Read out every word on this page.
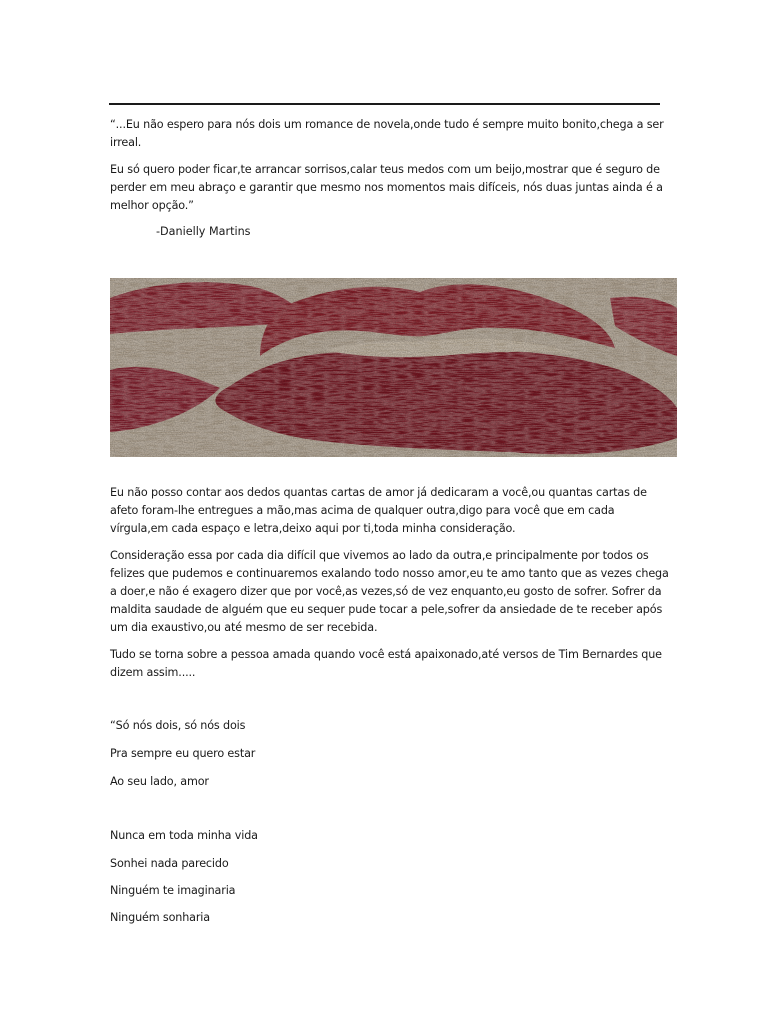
“...Eu não espero para nós dois um romance de novela,onde tudo é sempre muito bonito,chega a ser irreal.

Eu só quero poder ficar,te arrancar sorrisos,calar teus medos com um beijo,mostrar que é seguro de perder em meu abraço e garantir que mesmo nos momentos mais difíceis, nós duas juntas ainda é a melhor opção.”

-Danielly Martins

Eu não posso contar aos dedos quantas cartas de amor já dedicaram a você,ou quantas cartas de afeto foram-lhe entregues a mão,mas acima de qualquer outra,digo para você que em cada vírgula,em cada espaço e letra,deixo aqui por ti,toda minha consideração.

Consideração essa por cada dia difícil que vivemos ao lado da outra,e principalmente por todos os felizes que pudemos e continuaremos exalando todo nosso amor,eu te amo tanto que as vezes chega a doer,e não é exagero dizer que por você,as vezes,só de vez enquanto,eu gosto de sofrer. Sofrer da maldita saudade de alguém que eu sequer pude tocar a pele,sofrer da ansiedade de te receber após um dia exaustivo,ou até mesmo de ser recebida.

Tudo se torna sobre a pessoa amada quando você está apaixonado,até versos de Tim Bernardes que dizem assim.....

“Só nós dois, só nós dois

Pra sempre eu quero estar

Ao seu lado, amor

Nunca em toda minha vida

Sonhei nada parecido

Ninguém te imaginaria

Ninguém sonharia
